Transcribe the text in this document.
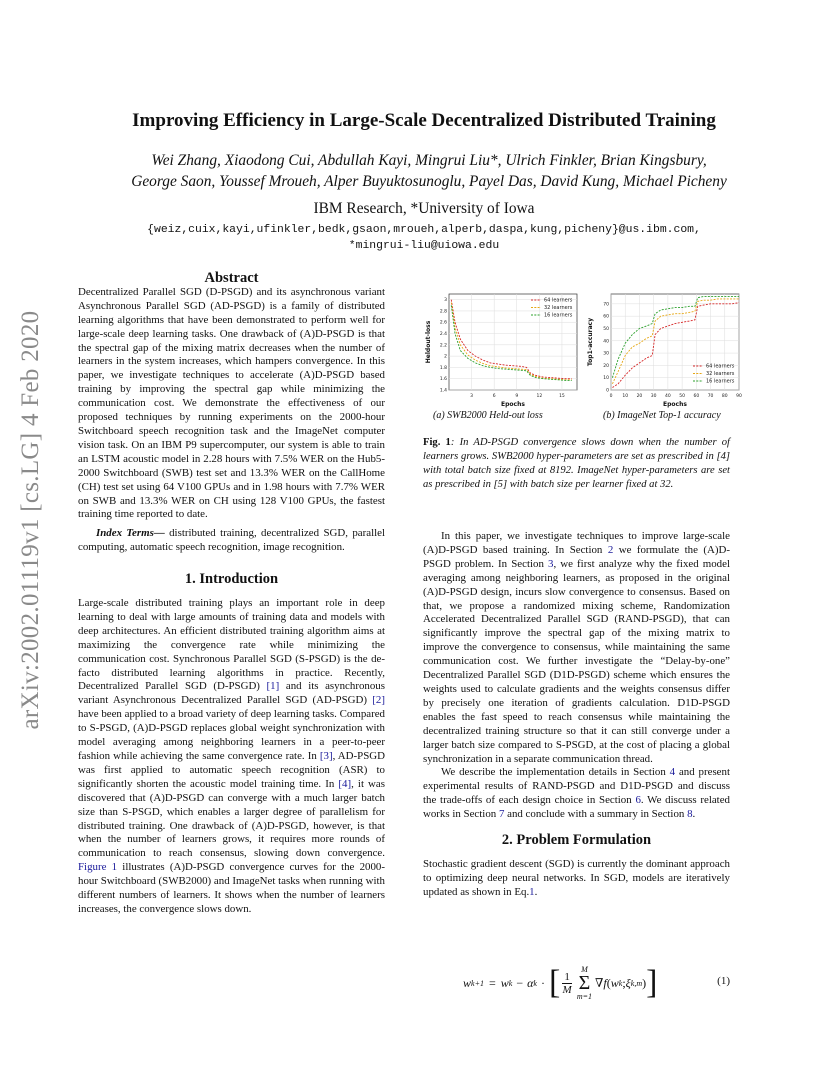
arXiv:2002.01119v1 [cs.LG] 4 Feb 2020
Improving Efficiency in Large-Scale Decentralized Distributed Training
Wei Zhang, Xiaodong Cui, Abdullah Kayi, Mingrui Liu*, Ulrich Finkler, Brian Kingsbury,
George Saon, Youssef Mroueh, Alper Buyuktosunoglu, Payel Das, David Kung, Michael Picheny
IBM Research, *University of Iowa
{weiz,cuix,kayi,ufinkler,bedk,gsaon,mroueh,alperb,daspa,kung,picheny}@us.ibm.com,
*mingrui-liu@uiowa.edu

Abstract

Decentralized Parallel SGD (D-PSGD) and its asynchronous variant Asynchronous Parallel SGD (AD-PSGD) is a family of distributed learning algorithms that have been demonstrated to perform well for large-scale deep learning tasks. One drawback of (A)D-PSGD is that the spectral gap of the mixing matrix decreases when the number of learners in the system increases, which hampers convergence. In this paper, we investigate techniques to accelerate (A)D-PSGD based training by improving the spectral gap while minimizing the communication cost. We demonstrate the effectiveness of our proposed techniques by running experiments on the 2000-hour Switchboard speech recognition task and the ImageNet computer vision task. On an IBM P9 supercomputer, our system is able to train an LSTM acoustic model in 2.28 hours with 7.5% WER on the Hub5-2000 Switchboard (SWB) test set and 13.3% WER on the CallHome (CH) test set using 64 V100 GPUs and in 1.98 hours with 7.7% WER on SWB and 13.3% WER on CH using 128 V100 GPUs, the fastest training time reported to date.

Index Terms— distributed training, decentralized SGD, parallel computing, automatic speech recognition, image recognition.

1. Introduction

Large-scale distributed training plays an important role in deep learning to deal with large amounts of training data and models with deep architectures. An efficient distributed training algorithm aims at maximizing the convergence rate while minimizing the communication cost. Synchronous Parallel SGD (S-PSGD) is the de-facto distributed learning algorithms in practice. Recently, Decentralized Parallel SGD (D-PSGD) [1] and its asynchronous variant Asynchronous Decentralized Parallel SGD (AD-PSGD) [2] have been applied to a broad variety of deep learning tasks. Compared to S-PSGD, (A)D-PSGD replaces global weight synchronization with model averaging among neighboring learners in a peer-to-peer fashion while achieving the same convergence rate. In [3], AD-PSGD was first applied to automatic speech recognition (ASR) to significantly shorten the acoustic model training time. In [4], it was discovered that (A)D-PSGD can converge with a much larger batch size than S-PSGD, which enables a larger degree of parallelism for distributed training. One drawback of (A)D-PSGD, however, is that when the number of learners grows, it requires more rounds of communication to reach consensus, slowing down convergence. Figure 1 illustrates (A)D-PSGD convergence curves for the 2000-hour Switchboard (SWB2000) and ImageNet tasks when running with different numbers of learners. It shows when the number of learners increases, the convergence slows down.

3	6	9	12	15
1.4
1.6
1.8
2
2.2
2.4
2.6
2.8
3
Epochs
Heldout-loss
64 learners
32 learners
16 learners
0 10 20 30 40 50 60 70 80 90
0
10
20
30
40
50
60
70
Epochs
Top1-accuracy
64 learners
32 learners
16 learners
(a) SWB2000 Held-out loss	(b) ImageNet Top-1 accuracy
Fig. 1: In AD-PSGD convergence slows down when the number of learners grows. SWB2000 hyper-parameters are set as prescribed in [4] with total batch size fixed at 8192. ImageNet hyper-parameters are set as prescribed in [5] with batch size per learner fixed at 32.

In this paper, we investigate techniques to improve large-scale (A)D-PSGD based training. In Section 2 we formulate the (A)D-PSGD problem. In Section 3, we first analyze why the fixed model averaging among neighboring learners, as proposed in the original (A)D-PSGD design, incurs slow convergence to consensus. Based on that, we propose a randomized mixing scheme, Randomization Accelerated Decentralized Parallel SGD (RAND-PSGD), that can significantly improve the spectral gap of the mixing matrix to improve the convergence to consensus, while maintaining the same communication cost. We further investigate the “Delay-by-one” Decentralized Parallel SGD (D1D-PSGD) scheme which ensures the weights used to calculate gradients and the weights consensus differ by precisely one iteration of gradients calculation. D1D-PSGD enables the fast speed to reach consensus while maintaining the decentralized training structure so that it can still converge under a larger batch size compared to S-PSGD, at the cost of placing a global synchronization in a separate communication thread.

We describe the implementation details in Section 4 and present experimental results of RAND-PSGD and D1D-PSGD and discuss the trade-offs of each design choice in Section 6. We discuss related works in Section 7 and conclude with a summary in Section 8.

2. Problem Formulation

Stochastic gradient descent (SGD) is currently the dominant approach to optimizing deep neural networks. In SGD, models are iteratively updated as shown in Eq.1.

w k+1 = w k − α k · [ $\frac{1}{M}$
M
Σ
m=1
∇ f ( w k ; ξ k,m ) ]	(1)
